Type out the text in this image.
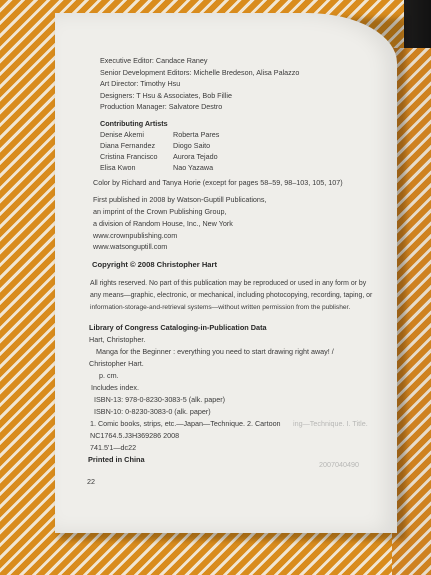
Executive Editor: Candace Raney
Senior Development Editors: Michelle Bredeson, Alisa Palazzo
Art Director: Timothy Hsu
Designers: T Hsu & Associates, Bob Fillie
Production Manager: Salvatore Destro
Contributing Artists
Denise Akemi
Diana Fernandez
Cristina Francisco
Elisa Kwon
Roberta Pares
Diogo Saito
Aurora Tejado
Nao Yazawa
Color by Richard and Tanya Horie (except for pages 58–59, 98–103, 105, 107)
First published in 2008 by Watson-Guptill Publications,
an imprint of the Crown Publishing Group,
a division of Random House, Inc., New York
www.crownpublishing.com
www.watsonguptill.com
Copyright © 2008 Christopher Hart
All rights reserved. No part of this publication may be reproduced or used in any form or by
any means—graphic, electronic, or mechanical, including photocopying, recording, taping, or
information-storage-and-retrieval systems—without written permission from the publisher.
Library of Congress Cataloging-in-Publication Data
Hart, Christopher.
Manga for the Beginner : everything you need to start drawing right away! /
Christopher Hart.
p. cm.
Includes index.
ISBN-13: 978-0-8230-3083-5 (alk. paper)
ISBN-10: 0-8230-3083-0 (alk. paper)
1. Comic books, strips, etc.—Japan—Technique. 2. Cartoon ing—Technique. I. Title.
NC1764.5.J3H369286 2008
741.5'1—dc22
2007040490
Printed in China
22
